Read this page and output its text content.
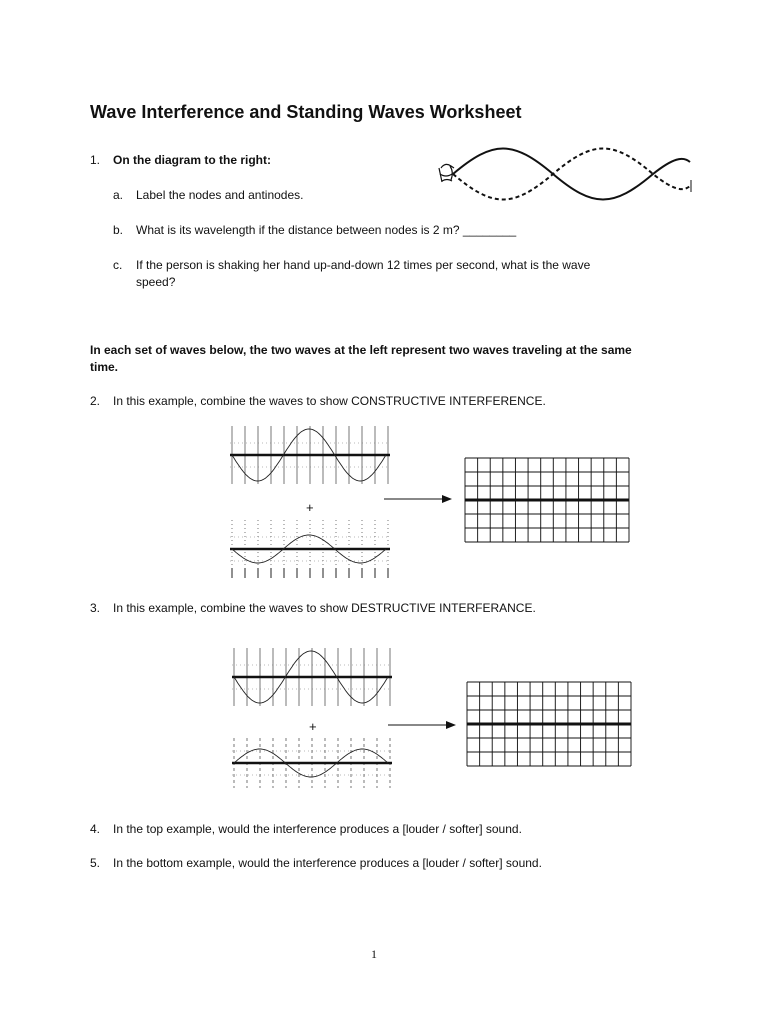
Wave Interference and Standing Waves Worksheet
1.	On the diagram to the right:
a. Label the nodes and antinodes.
b. What is its wavelength if the distance between nodes is 2 m? ________
c. If the person is shaking her hand up-and-down 12 times per second, what is the wave
speed?
In each set of waves below, the two waves at the left represent two waves traveling at the same
time.
2.	In this example, combine the waves to show CONSTRUCTIVE INTERFERENCE.
+
3.	In this example, combine the waves to show DESTRUCTIVE INTERFERANCE.
+
4.	In the top example, would the interference produces a [louder / softer] sound.
5.	In the bottom example, would the interference produces a [louder / softer] sound.
1
